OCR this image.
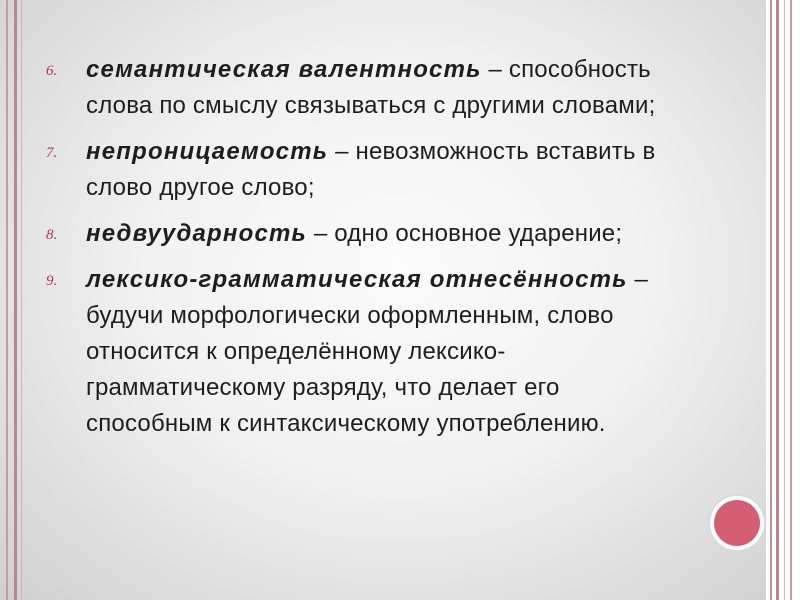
6. семантическая валентность – способность слова по смыслу связываться с другими словами;
7. непроницаемость – невозможность вставить в слово другое слово;
8. недвуударность – одно основное ударение;
9. лексико-грамматическая отнесённость – будучи морфологически оформленным, слово относится к определённому лексико-грамматическому разряду, что делает его способным к синтаксическому употреблению.
